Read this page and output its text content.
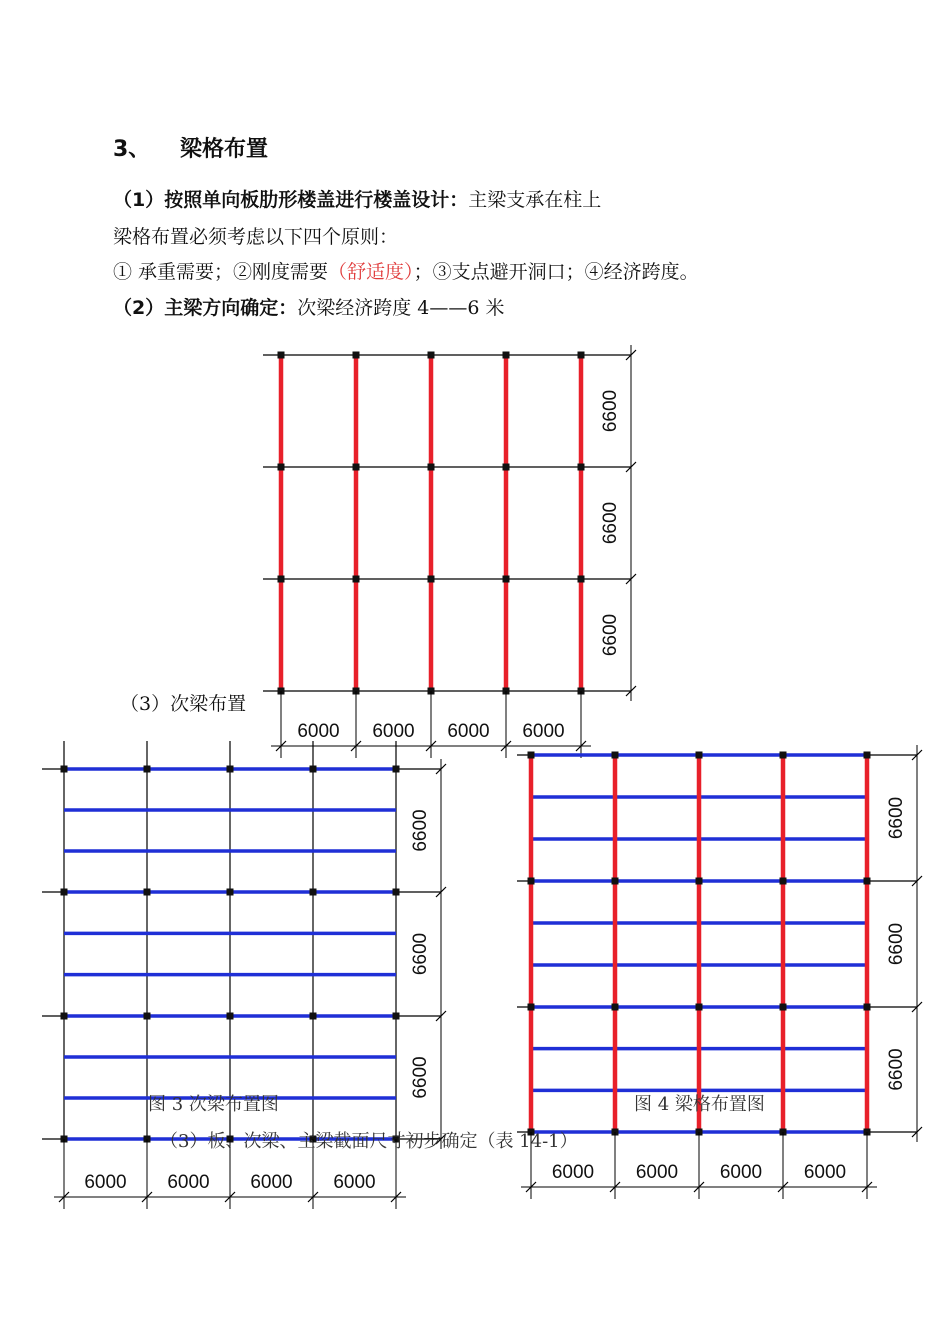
3、 梁格布置
（1）按照单向板肋形楼盖进行楼盖设计：主梁支承在柱上
梁格布置必须考虑以下四个原则：
① 承重需要；②刚度需要（舒适度）；③支点避开洞口；④经济跨度。
（2）主梁方向确定：次梁经济跨度 4——6 米
6000 6000 6000 6000
6600
6600
6600
6000 6000 6000 6000
6600
6600
6600
6000 6000 6000 6000
6600
6600
6600
（3）次梁布置
图 3 次梁布置图	图 4 梁格布置图
（3）板、次梁、主梁截面尺寸初步确定（表 14-1）
